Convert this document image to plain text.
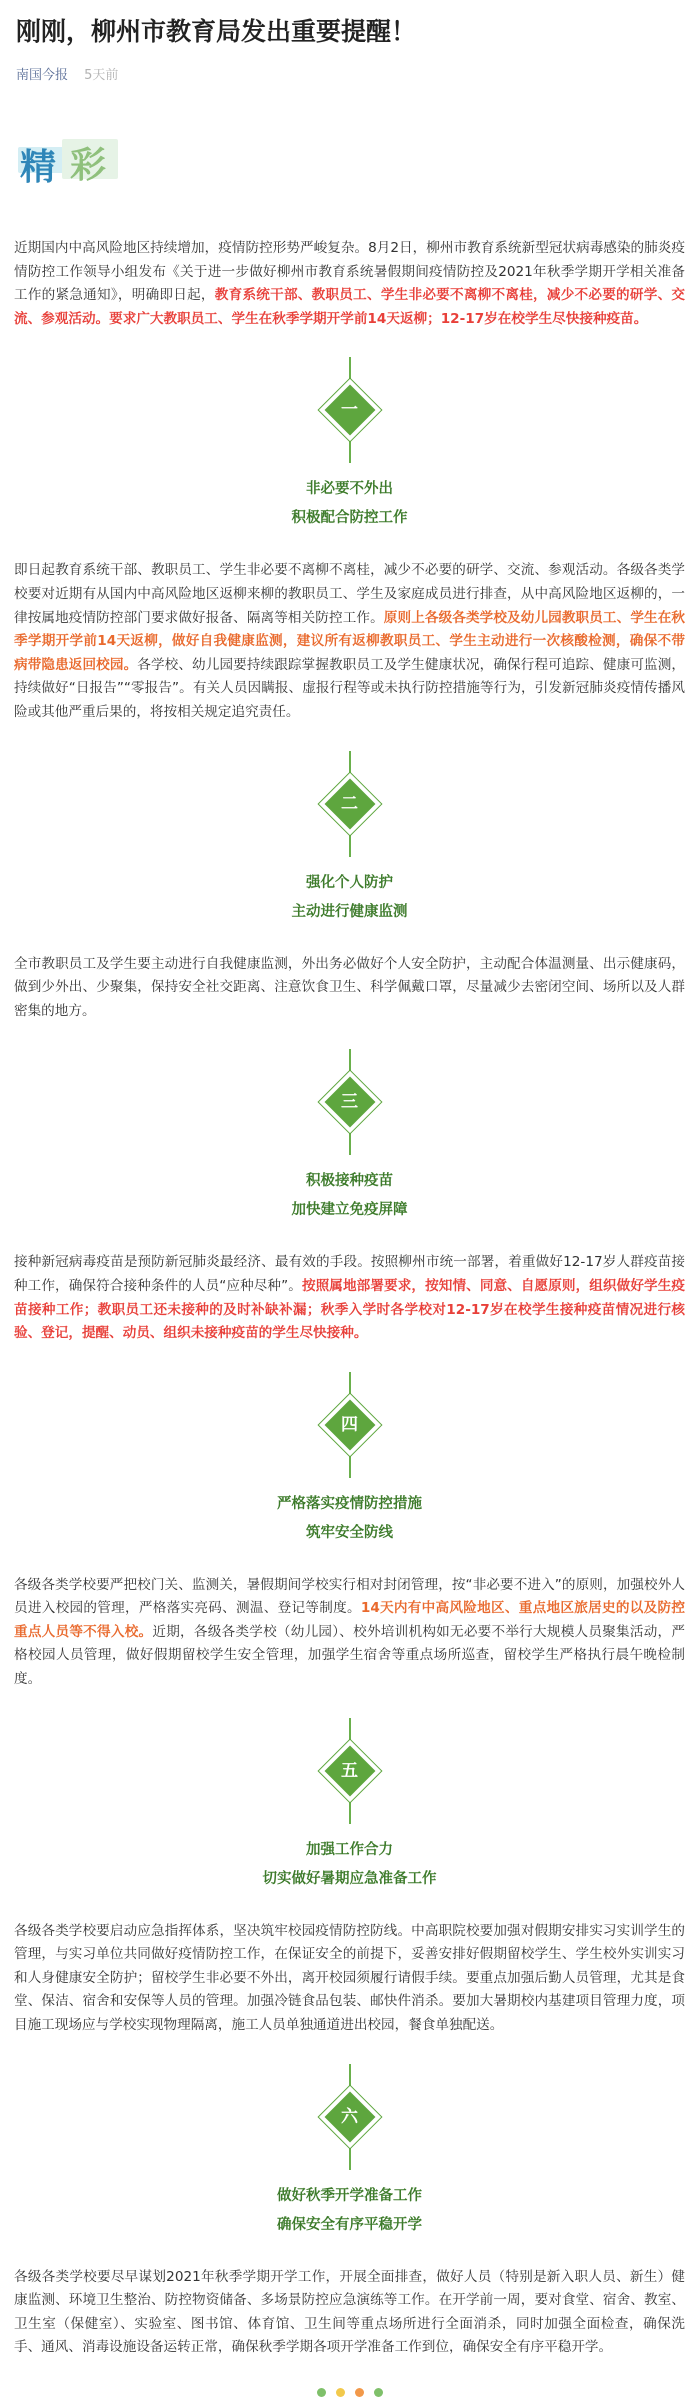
刚刚，柳州市教育局发出重要提醒！
南国今报 5天前
精 彩

近期国内中高风险地区持续增加，疫情防控形势严峻复杂。8月2日，柳州市教育系统新型冠状病毒感染的肺炎疫情防控工作领导小组发布《关于进一步做好柳州市教育系统暑假期间疫情防控及2021年秋季学期开学相关准备工作的紧急通知》，明确即日起，教育系统干部、教职员工、学生非必要不离柳不离桂，减少不必要的研学、交流、参观活动。要求广大教职员工、学生在秋季学期开学前14天返柳；12-17岁在校学生尽快接种疫苗。

一
非必要不外出
积极配合防控工作

即日起教育系统干部、教职员工、学生非必要不离柳不离桂，减少不必要的研学、交流、参观活动。各级各类学校要对近期有从国内中高风险地区返柳来柳的教职员工、学生及家庭成员进行排查，从中高风险地区返柳的，一律按属地疫情防控部门要求做好报备、隔离等相关防控工作。原则上各级各类学校及幼儿园教职员工、学生在秋季学期开学前14天返柳，做好自我健康监测，建议所有返柳教职员工、学生主动进行一次核酸检测，确保不带病带隐患返回校园。各学校、幼儿园要持续跟踪掌握教职员工及学生健康状况，确保行程可追踪、健康可监测，持续做好“日报告”“零报告”。有关人员因瞒报、虚报行程等或未执行防控措施等行为，引发新冠肺炎疫情传播风险或其他严重后果的，将按相关规定追究责任。

二
强化个人防护
主动进行健康监测

全市教职员工及学生要主动进行自我健康监测，外出务必做好个人安全防护，主动配合体温测量、出示健康码，做到少外出、少聚集，保持安全社交距离、注意饮食卫生、科学佩戴口罩，尽量减少去密闭空间、场所以及人群密集的地方。

三
积极接种疫苗
加快建立免疫屏障

接种新冠病毒疫苗是预防新冠肺炎最经济、最有效的手段。按照柳州市统一部署，着重做好12-17岁人群疫苗接种工作，确保符合接种条件的人员“应种尽种”。按照属地部署要求，按知情、同意、自愿原则，组织做好学生疫苗接种工作；教职员工还未接种的及时补缺补漏；秋季入学时各学校对12-17岁在校学生接种疫苗情况进行核验、登记，提醒、动员、组织未接种疫苗的学生尽快接种。

四
严格落实疫情防控措施
筑牢安全防线

各级各类学校要严把校门关、监测关，暑假期间学校实行相对封闭管理，按“非必要不进入”的原则，加强校外人员进入校园的管理，严格落实亮码、测温、登记等制度。14天内有中高风险地区、重点地区旅居史的以及防控重点人员等不得入校。近期，各级各类学校（幼儿园）、校外培训机构如无必要不举行大规模人员聚集活动，严格校园人员管理，做好假期留校学生安全管理，加强学生宿舍等重点场所巡查，留校学生严格执行晨午晚检制度。

五
加强工作合力
切实做好暑期应急准备工作

各级各类学校要启动应急指挥体系，坚决筑牢校园疫情防控防线。中高职院校要加强对假期安排实习实训学生的管理，与实习单位共同做好疫情防控工作，在保证安全的前提下，妥善安排好假期留校学生、学生校外实训实习和人身健康安全防护；留校学生非必要不外出，离开校园须履行请假手续。要重点加强后勤人员管理，尤其是食堂、保洁、宿舍和安保等人员的管理。加强冷链食品包装、邮快件消杀。要加大暑期校内基建项目管理力度，项目施工现场应与学校实现物理隔离，施工人员单独通道进出校园，餐食单独配送。

六
做好秋季开学准备工作
确保安全有序平稳开学

各级各类学校要尽早谋划2021年秋季学期开学工作，开展全面排查，做好人员（特别是新入职人员、新生）健康监测、环境卫生整治、防控物资储备、多场景防控应急演练等工作。在开学前一周，要对食堂、宿舍、教室、卫生室（保健室）、实验室、图书馆、体育馆、卫生间等重点场所进行全面消杀，同时加强全面检查，确保洗手、通风、消毒设施设备运转正常，确保秋季学期各项开学准备工作到位，确保安全有序平稳开学。
